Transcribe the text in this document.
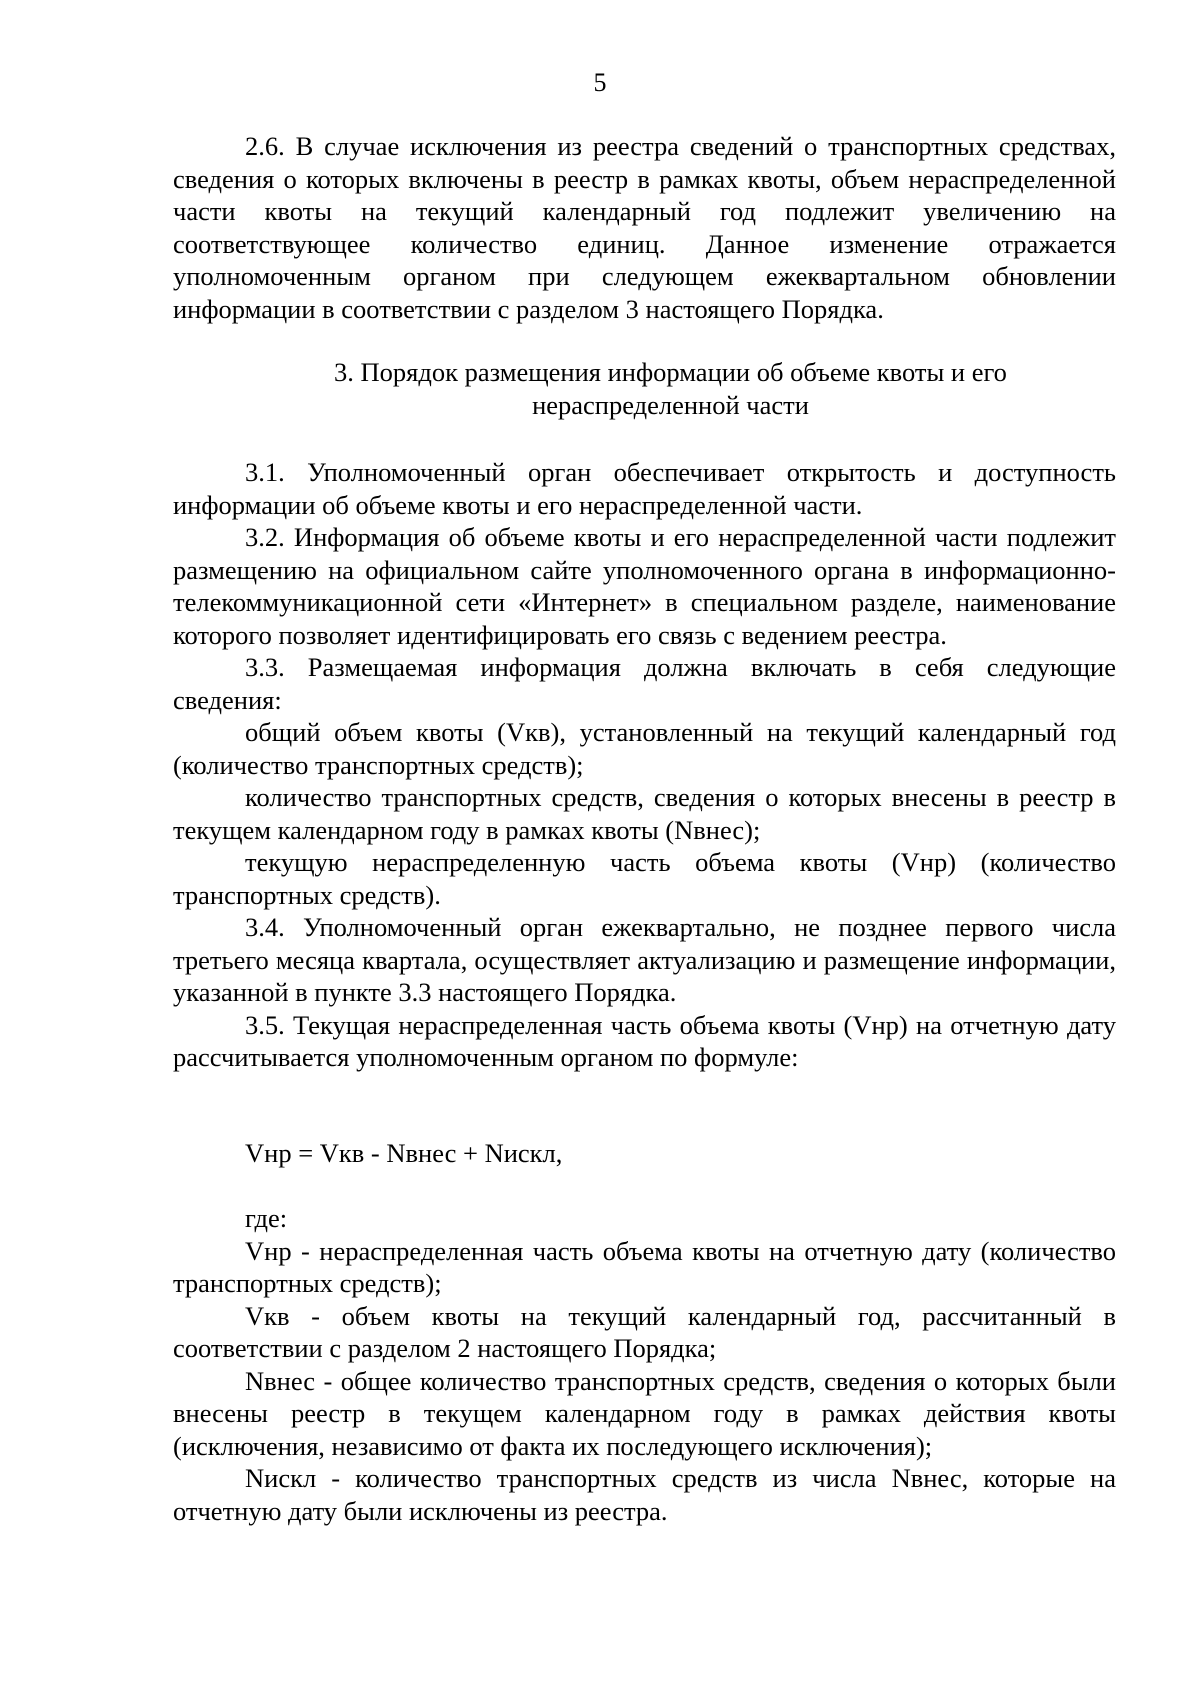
5

2.6. В случае исключения из реестра сведений о транспортных средствах, сведения о которых включены в реестр в рамках квоты, объем нераспределенной части квоты на текущий календарный год подлежит увеличению на соответствующее количество единиц. Данное изменение отражается уполномоченным органом при следующем ежеквартальном обновлении информации в соответствии с разделом 3 настоящего Порядка.

3. Порядок размещения информации об объеме квоты и его

нераспределенной части

3.1. Уполномоченный орган обеспечивает открытость и доступность информации об объеме квоты и его нераспределенной части.

3.2. Информация об объеме квоты и его нераспределенной части подлежит размещению на официальном сайте уполномоченного органа в информационно-телекоммуникационной сети «Интернет» в специальном разделе, наименование которого позволяет идентифицировать его связь с ведением реестра.

3.3. Размещаемая информация должна включать в себя следующие сведения:

общий объем квоты (Vкв), установленный на текущий календарный год (количество транспортных средств);

количество транспортных средств, сведения о которых внесены в реестр в текущем календарном году в рамках квоты (Nвнес);

текущую нераспределенную часть объема квоты (Vнр) (количество транспортных средств).

3.4. Уполномоченный орган ежеквартально, не позднее первого числа третьего месяца квартала, осуществляет актуализацию и размещение информации, указанной в пункте 3.3 настоящего Порядка.

3.5. Текущая нераспределенная часть объема квоты (Vнр) на отчетную дату рассчитывается уполномоченным органом по формуле:

Vнр = Vкв - Nвнес + Nискл,

где:

Vнр - нераспределенная часть объема квоты на отчетную дату (количество транспортных средств);

Vкв - объем квоты на текущий календарный год, рассчитанный в соответствии с разделом 2 настоящего Порядка;

Nвнес - общее количество транспортных средств, сведения о которых были внесены реестр в текущем календарном году в рамках действия квоты (исключения, независимо от факта их последующего исключения);

Nискл - количество транспортных средств из числа Nвнес, которые на отчетную дату были исключены из реестра.
